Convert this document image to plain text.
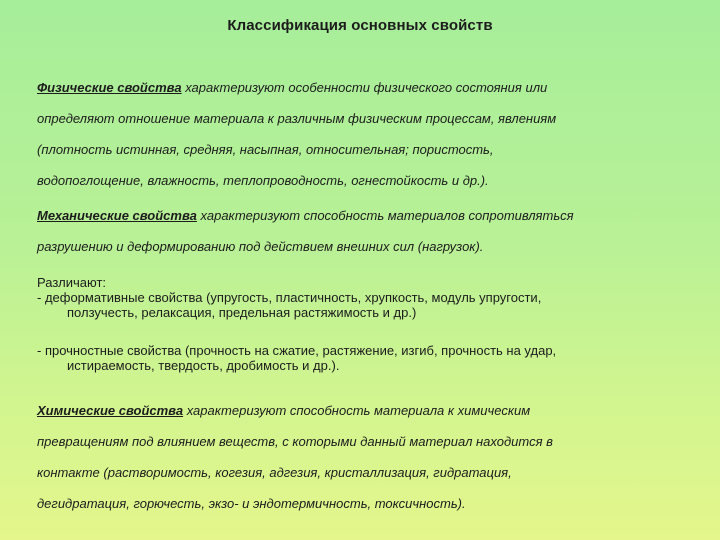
Классификация основных свойств
Физические свойства характеризуют особенности физического состояния или
определяют отношение материала к различным физическим процессам, явлениям
(плотность истинная, средняя, насыпная, относительная; пористость,
водопоглощение, влажность, теплопроводность, огнестойкость и др.).
Механические свойства характеризуют способность материалов сопротивляться
разрушению и деформированию под действием внешних сил (нагрузок).
Различают:
- деформативные свойства (упругость, пластичность, хрупкость, модуль упругости,
ползучесть, релаксация, предельная растяжимость и др.)
- прочностные свойства (прочность на сжатие, растяжение, изгиб, прочность на удар,
истираемость, твердость, дробимость и др.).
Химические свойства характеризуют способность материала к химическим
превращениям под влиянием веществ, с которыми данный материал находится в
контакте (растворимость, когезия, адгезия, кристаллизация, гидратация,
дегидратация, горючесть, экзо- и эндотермичность, токсичность).
